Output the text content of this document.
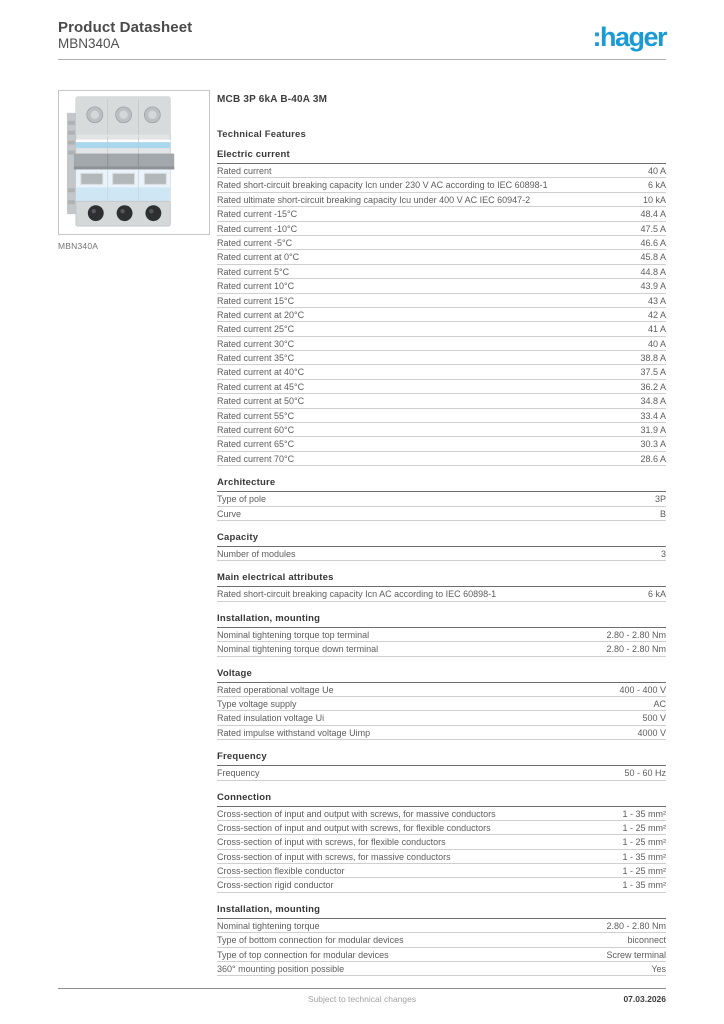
Product Datasheet
MBN340A	:hager
MBN340A
MCB 3P 6kA B-40A 3M
Technical Features
Electric current
Rated current	40 A
Rated short-circuit breaking capacity Icn under 230 V AC according to IEC 60898-1	6 kA
Rated ultimate short-circuit breaking capacity Icu under 400 V AC IEC 60947-2	10 kA
Rated current -15°C	48.4 A
Rated current -10°C	47.5 A
Rated current -5°C	46.6 A
Rated current at 0°C	45.8 A
Rated current 5°C	44.8 A
Rated current 10°C	43.9 A
Rated current 15°C	43 A
Rated current at 20°C	42 A
Rated current 25°C	41 A
Rated current 30°C	40 A
Rated current 35°C	38.8 A
Rated current at 40°C	37.5 A
Rated current at 45°C	36.2 A
Rated current at 50°C	34.8 A
Rated current 55°C	33.4 A
Rated current 60°C	31.9 A
Rated current 65°C	30.3 A
Rated current 70°C	28.6 A
Architecture
Type of pole	3P
Curve	B
Capacity
Number of modules	3
Main electrical attributes
Rated short-circuit breaking capacity Icn AC according to IEC 60898-1	6 kA
Installation, mounting
Nominal tightening torque top terminal	2.80 - 2.80 Nm
Nominal tightening torque down terminal	2.80 - 2.80 Nm
Voltage
Rated operational voltage Ue	400 - 400 V
Type voltage supply	AC
Rated insulation voltage Ui	500 V
Rated impulse withstand voltage Uimp	4000 V
Frequency
Frequency	50 - 60 Hz
Connection
Cross-section of input and output with screws, for massive conductors	1 - 35 mm²
Cross-section of input and output with screws, for flexible conductors	1 - 25 mm²
Cross-section of input with screws, for flexible conductors	1 - 25 mm²
Cross-section of input with screws, for massive conductors	1 - 35 mm²
Cross-section flexible conductor	1 - 25 mm²
Cross-section rigid conductor	1 - 35 mm²
Installation, mounting
Nominal tightening torque	2.80 - 2.80 Nm
Type of bottom connection for modular devices	biconnect
Type of top connection for modular devices	Screw terminal
360° mounting position possible	Yes
Subject to technical changes	07.03.2026
